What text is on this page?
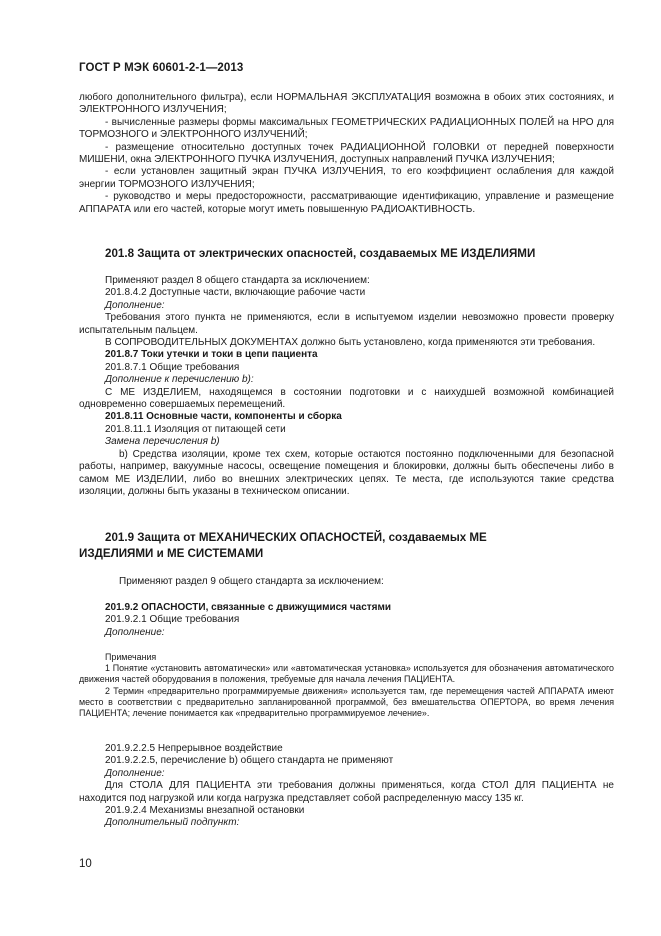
ГОСТ Р МЭК 60601-2-1—2013

любого дополнительного фильтра), если НОРМАЛЬНАЯ ЭКСПЛУАТАЦИЯ возможна в обоих этих состояниях, и ЭЛЕКТРОННОГО ИЗЛУЧЕНИЯ;

- вычисленные размеры формы максимальных ГЕОМЕТРИЧЕСКИХ РАДИАЦИОННЫХ ПОЛЕЙ на НРО для ТОРМОЗНОГО и ЭЛЕКТРОННОГО ИЗЛУЧЕНИЙ;

- размещение относительно доступных точек РАДИАЦИОННОЙ ГОЛОВКИ от передней поверхности МИШЕНИ, окна ЭЛЕКТРОННОГО ПУЧКА ИЗЛУЧЕНИЯ, доступных направлений ПУЧКА ИЗЛУЧЕНИЯ;

- если установлен защитный экран ПУЧКА ИЗЛУЧЕНИЯ, то его коэффициент ослабления для каждой энергии ТОРМОЗНОГО ИЗЛУЧЕНИЯ;

- руководство и меры предосторожности, рассматривающие идентификацию, управление и размещение АППАРАТА или его частей, которые могут иметь повышенную РАДИОАКТИВНОСТЬ.

201.8 Защита от электрических опасностей, создаваемых МЕ ИЗДЕЛИЯМИ

Применяют раздел 8 общего стандарта за исключением:

201.8.4.2 Доступные части, включающие рабочие части

Дополнение:

Требования этого пункта не применяются, если в испытуемом изделии невозможно провести проверку испытательным пальцем.

В СОПРОВОДИТЕЛЬНЫХ ДОКУМЕНТАХ должно быть установлено, когда применяются эти требования.

201.8.7 Токи утечки и токи в цепи пациента

201.8.7.1 Общие требования

Дополнение к перечислению b):

С МЕ ИЗДЕЛИЕМ, находящемся в состоянии подготовки и с наихудшей возможной комбинацией одновременно совершаемых перемещений.

201.8.11 Основные части, компоненты и сборка

201.8.11.1 Изоляция от питающей сети

Замена перечисления b)

b) Средства изоляции, кроме тех схем, которые остаются постоянно подключенными для безопасной работы, например, вакуумные насосы, освещение помещения и блокировки, должны быть обеспечены либо в самом МЕ ИЗДЕЛИИ, либо во внешних электрических цепях. Те места, где используются такие средства изоляции, должны быть указаны в техническом описании.

201.9 Защита от МЕХАНИЧЕСКИХ ОПАСНОСТЕЙ, создаваемых МЕ

ИЗДЕЛИЯМИ и МЕ СИСТЕМАМИ

Применяют раздел 9 общего стандарта за исключением:

201.9.2 ОПАСНОСТИ, связанные с движущимися частями

201.9.2.1 Общие требования

Дополнение:

Примечания

1 Понятие «установить автоматически» или «автоматическая установка» используется для обозначения автоматического движения частей оборудования в положения, требуемые для начала лечения ПАЦИЕНТА.

2 Термин «предварительно программируемые движения» используется там, где перемещения частей АППАРАТА имеют место в соответствии с предварительно запланированной программой, без вмешательства ОПЕРТОРА, во время лечения ПАЦИЕНТА; лечение понимается как «предварительно программируемое лечение».

201.9.2.2.5 Непрерывное воздействие

201.9.2.2.5, перечисление b) общего стандарта не применяют

Дополнение:

Для СТОЛА ДЛЯ ПАЦИЕНТА эти требования должны применяться, когда СТОЛ ДЛЯ ПАЦИЕНТА не находится под нагрузкой или когда нагрузка представляет собой распределенную массу 135 кг.

201.9.2.4 Механизмы внезапной остановки

Дополнительный подпункт:

10
